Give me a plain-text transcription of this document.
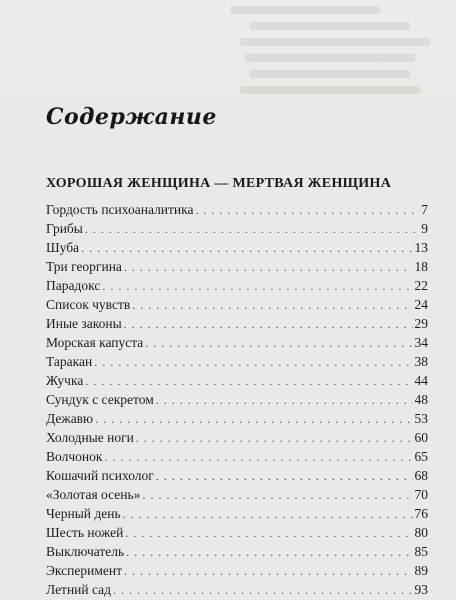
Содержание
ХОРОШАЯ ЖЕНЩИНА — МЕРТВАЯ ЖЕНЩИНА
Гордость психоаналитика . . .	7
Грибы . . .	9
Шуба . . .	13
Три георгина . . .	18
Парадокс . . .	22
Список чувств . . .	24
Иные законы . . .	29
Морская капуста . . .	34
Таракан . . .	38
Жучка . . .	44
Сундук с секретом . . .	48
Дежавю . . .	53
Холодные ноги . . .	60
Волчонок . . .	65
Кошачий психолог . . .	68
«Золотая осень» . . .	70
Черный день . . .	76
Шесть ножей . . .	80
Выключатель . . .	85
Эксперимент . . .	89
Летний сад . . .	93
